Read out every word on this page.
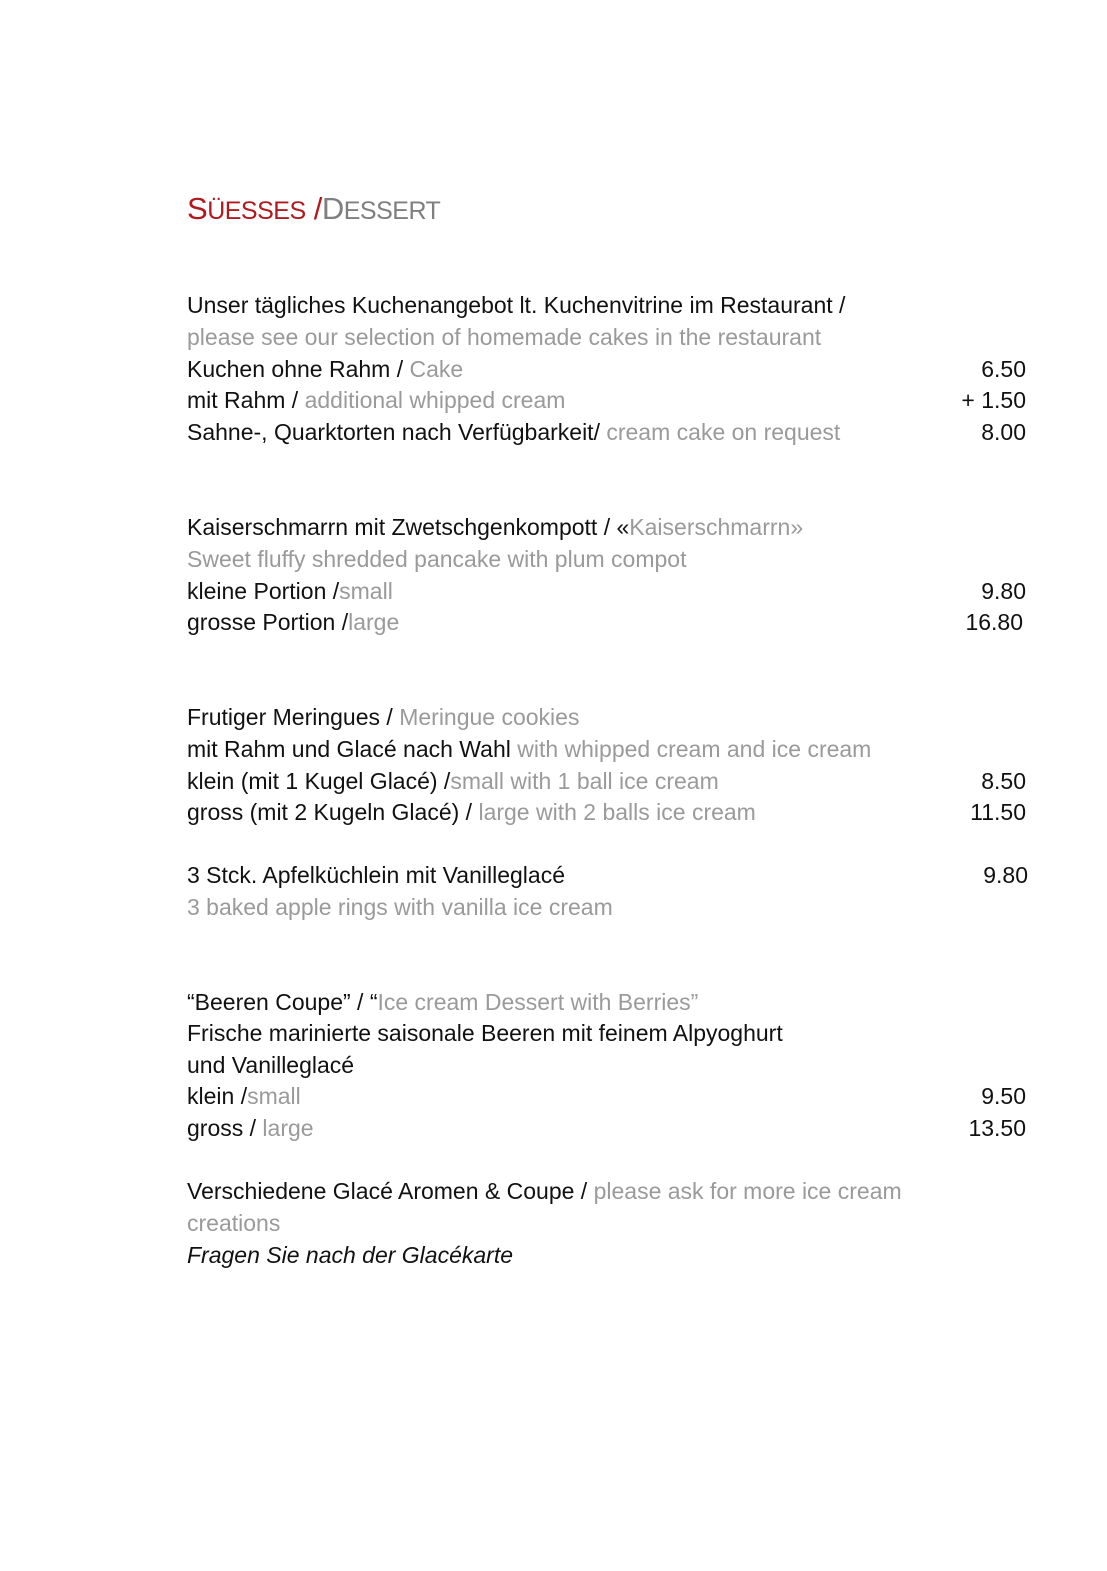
SÜESSES /DESSERT
Unser tägliches Kuchenangebot lt. Kuchenvitrine im Restaurant /
please see our selection of homemade cakes in the restaurant
Kuchen ohne Rahm / Cake	6.50
mit Rahm / additional whipped cream	+ 1.50
Sahne-, Quarktorten nach Verfügbarkeit/ cream cake on request	8.00
Kaiserschmarrn mit Zwetschgenkompott / «Kaiserschmarrn»
Sweet fluffy shredded pancake with plum compot
kleine Portion /small	9.80
grosse Portion /large	16.80
Frutiger Meringues / Meringue cookies
mit Rahm und Glacé nach Wahl with whipped cream and ice cream
klein (mit 1 Kugel Glacé) /small with 1 ball ice cream	8.50
gross (mit 2 Kugeln Glacé) / large with 2 balls ice cream	11.50
3 Stck. Apfelküchlein mit Vanilleglacé	9.80
3 baked apple rings with vanilla ice cream
“Beeren Coupe” / “Ice cream Dessert with Berries”
Frische marinierte saisonale Beeren mit feinem Alpyoghurt
und Vanilleglacé
klein /small	9.50
gross / large	13.50
Verschiedene Glacé Aromen & Coupe / please ask for more ice cream
creations
Fragen Sie nach der Glacékarte
